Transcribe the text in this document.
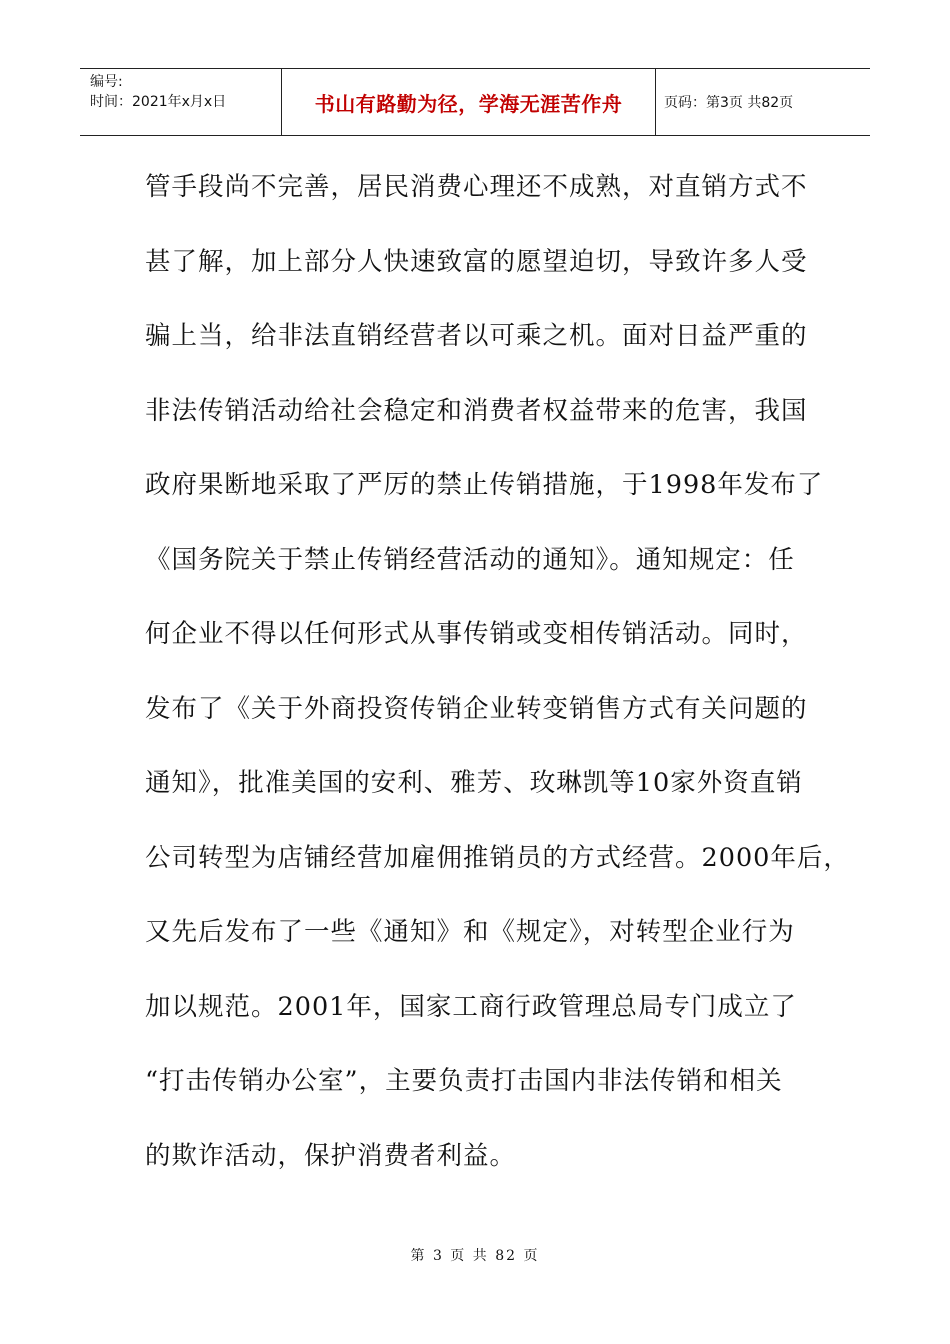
编号:
时间：2021年x月x日	书山有路勤为径，学海无涯苦作舟	页码：第3页 共82页
管手段尚不完善，居民消费心理还不成熟，对直销方式不
甚了解，加上部分人快速致富的愿望迫切，导致许多人受
骗上当，给非法直销经营者以可乘之机。面对日益严重的
非法传销活动给社会稳定和消费者权益带来的危害，我国
政府果断地采取了严厉的禁止传销措施，于1998年发布了
《国务院关于禁止传销经营活动的通知》。通知规定：任
何企业不得以任何形式从事传销或变相传销活动。同时，
发布了《关于外商投资传销企业转变销售方式有关问题的
通知》，批准美国的安利、雅芳、玫琳凯等10家外资直销
公司转型为店铺经营加雇佣推销员的方式经营。2000年后，
又先后发布了一些《通知》和《规定》，对转型企业行为
加以规范。2001年，国家工商行政管理总局专门成立了
“打击传销办公室”，主要负责打击国内非法传销和相关
的欺诈活动，保护消费者利益。
第 3 页 共 82 页
